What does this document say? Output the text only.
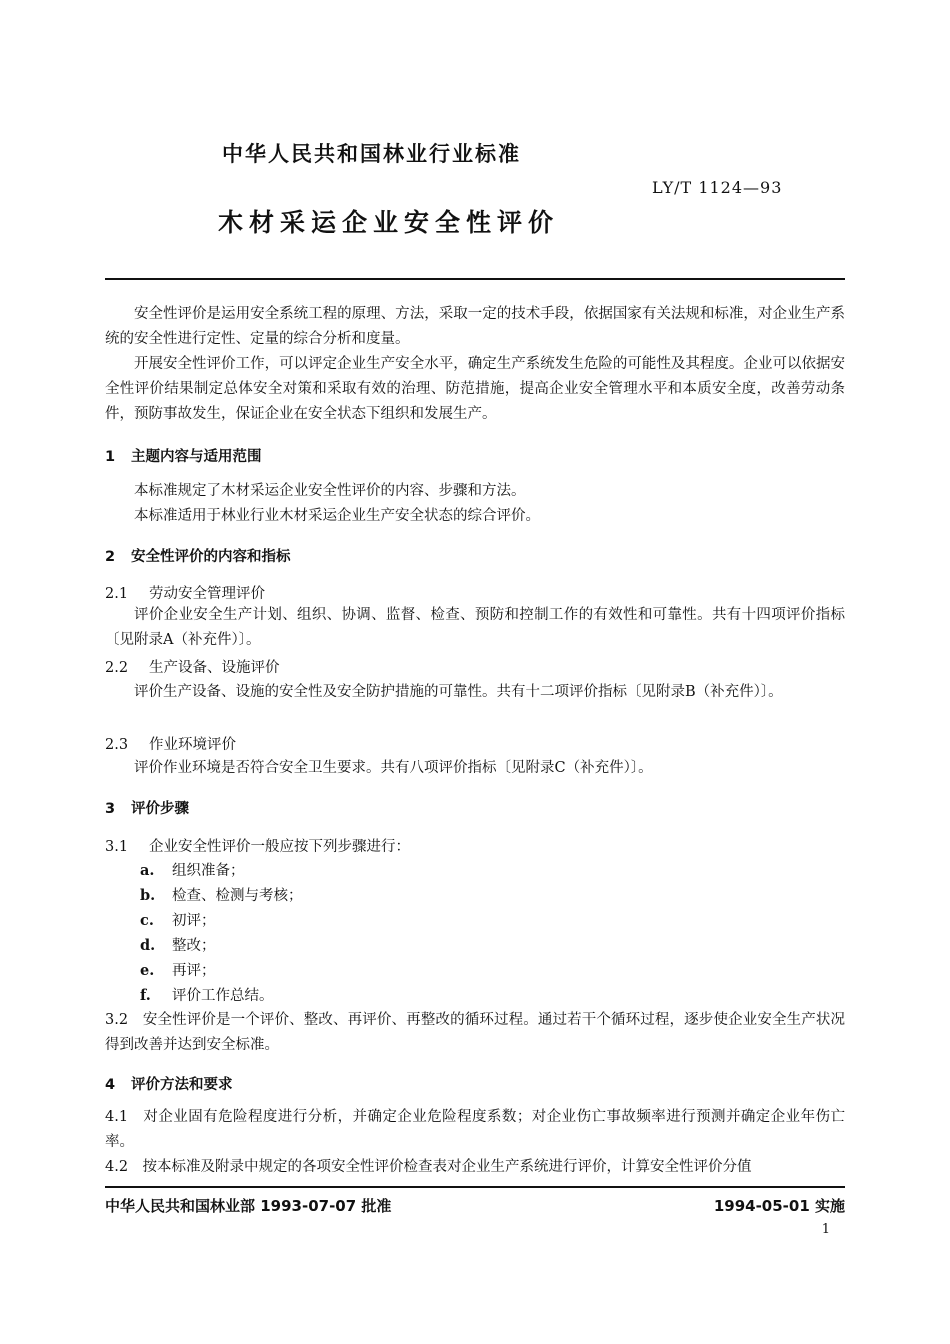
中华人民共和国林业行业标准
LY/T 1124—93
木材采运企业安全性评价

安全性评价是运用安全系统工程的原理、方法，采取一定的技术手段，依据国家有关法规和标准，对企业生产系统的安全性进行定性、定量的综合分析和度量。

开展安全性评价工作，可以评定企业生产安全水平，确定生产系统发生危险的可能性及其程度。企业可以依据安全性评价结果制定总体安全对策和采取有效的治理、防范措施，提高企业安全管理水平和本质安全度，改善劳动条件，预防事故发生，保证企业在安全状态下组织和发展生产。

1 主题内容与适用范围

本标准规定了木材采运企业安全性评价的内容、步骤和方法。

本标准适用于林业行业木材采运企业生产安全状态的综合评价。

2 安全性评价的内容和指标
2.1 劳动安全管理评价

评价企业安全生产计划、组织、协调、监督、检查、预防和控制工作的有效性和可靠性。共有十四项评价指标〔见附录A（补充件）〕。

2.2 生产设备、设施评价

评价生产设备、设施的安全性及安全防护措施的可靠性。共有十二项评价指标〔见附录B（补充件）〕。

2.3 作业环境评价

评价作业环境是否符合安全卫生要求。共有八项评价指标〔见附录C（补充件）〕。

3 评价步骤
3.1 企业安全性评价一般应按下列步骤进行：
a. 组织准备；
b. 检查、检测与考核；
c. 初评；
d. 整改；
e. 再评；
f. 评价工作总结。

3.2　安全性评价是一个评价、整改、再评价、再整改的循环过程。通过若干个循环过程，逐步使企业安全生产状况得到改善并达到安全标准。

4 评价方法和要求

4.1　对企业固有危险程度进行分析，并确定企业危险程度系数；对企业伤亡事故频率进行预测并确定企业年伤亡率。

4.2　按本标准及附录中规定的各项安全性评价检查表对企业生产系统进行评价，计算安全性评价分值

中华人民共和国林业部 1993-07-07 批准	1994-05-01 实施
1
